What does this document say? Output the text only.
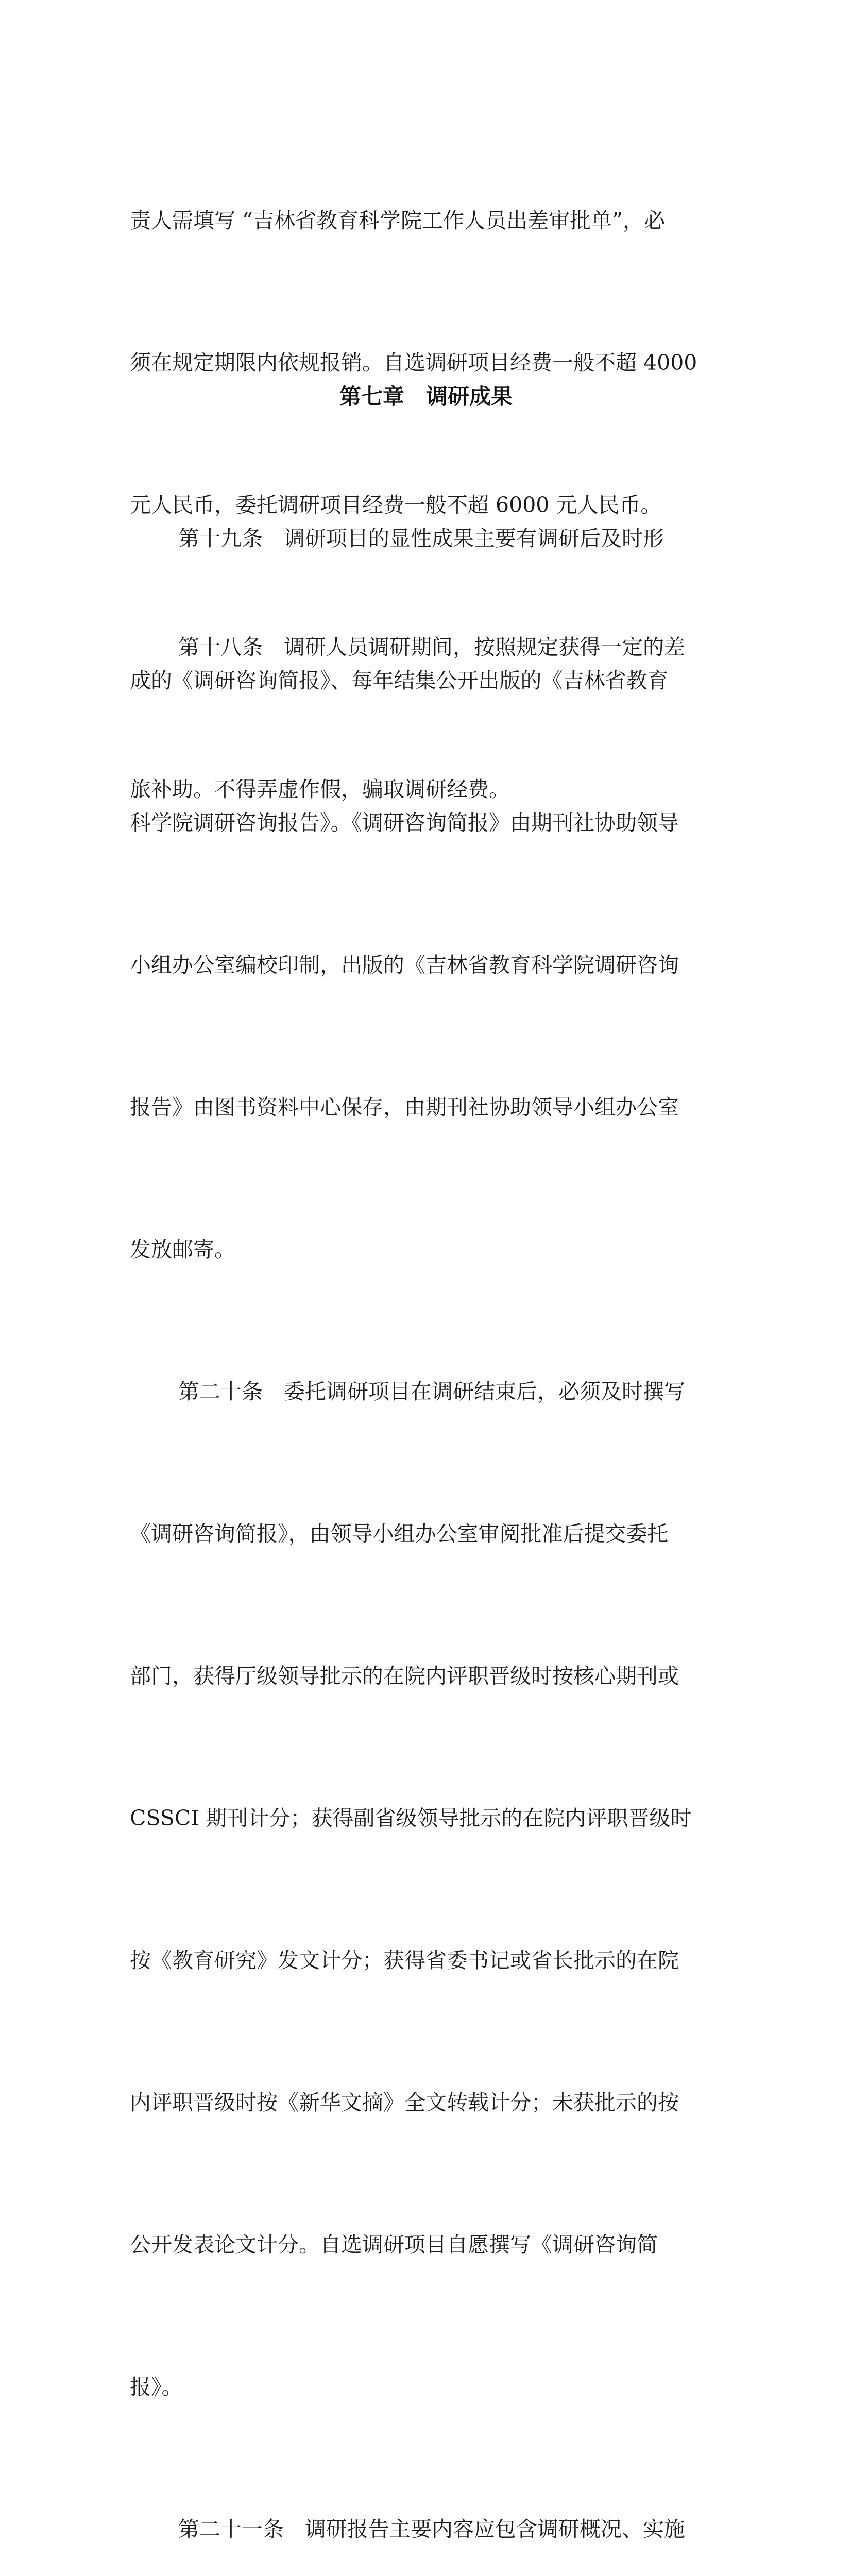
责人需填写 “吉林省教育科学院工作人员出差审批单”，必

须在规定期限内依规报销。自选调研项目经费一般不超 4000

元人民币，委托调研项目经费一般不超 6000 元人民币。

第十八条　调研人员调研期间，按照规定获得一定的差

旅补助。不得弄虚作假，骗取调研经费。

第七章　调研成果

第十九条　调研项目的显性成果主要有调研后及时形

成的《调研咨询简报》、每年结集公开出版的《吉林省教育

科学院调研咨询报告》。《调研咨询简报》由期刊社协助领导

小组办公室编校印制，出版的《吉林省教育科学院调研咨询

报告》由图书资料中心保存，由期刊社协助领导小组办公室

发放邮寄。

第二十条　委托调研项目在调研结束后，必须及时撰写

《调研咨询简报》，由领导小组办公室审阅批准后提交委托

部门，获得厅级领导批示的在院内评职晋级时按核心期刊或

CSSCI 期刊计分；获得副省级领导批示的在院内评职晋级时

按《教育研究》发文计分；获得省委书记或省长批示的在院

内评职晋级时按《新华文摘》全文转载计分；未获批示的按

公开发表论文计分。自选调研项目自愿撰写《调研咨询简

报》。

第二十一条　调研报告主要内容应包含调研概况、实施
